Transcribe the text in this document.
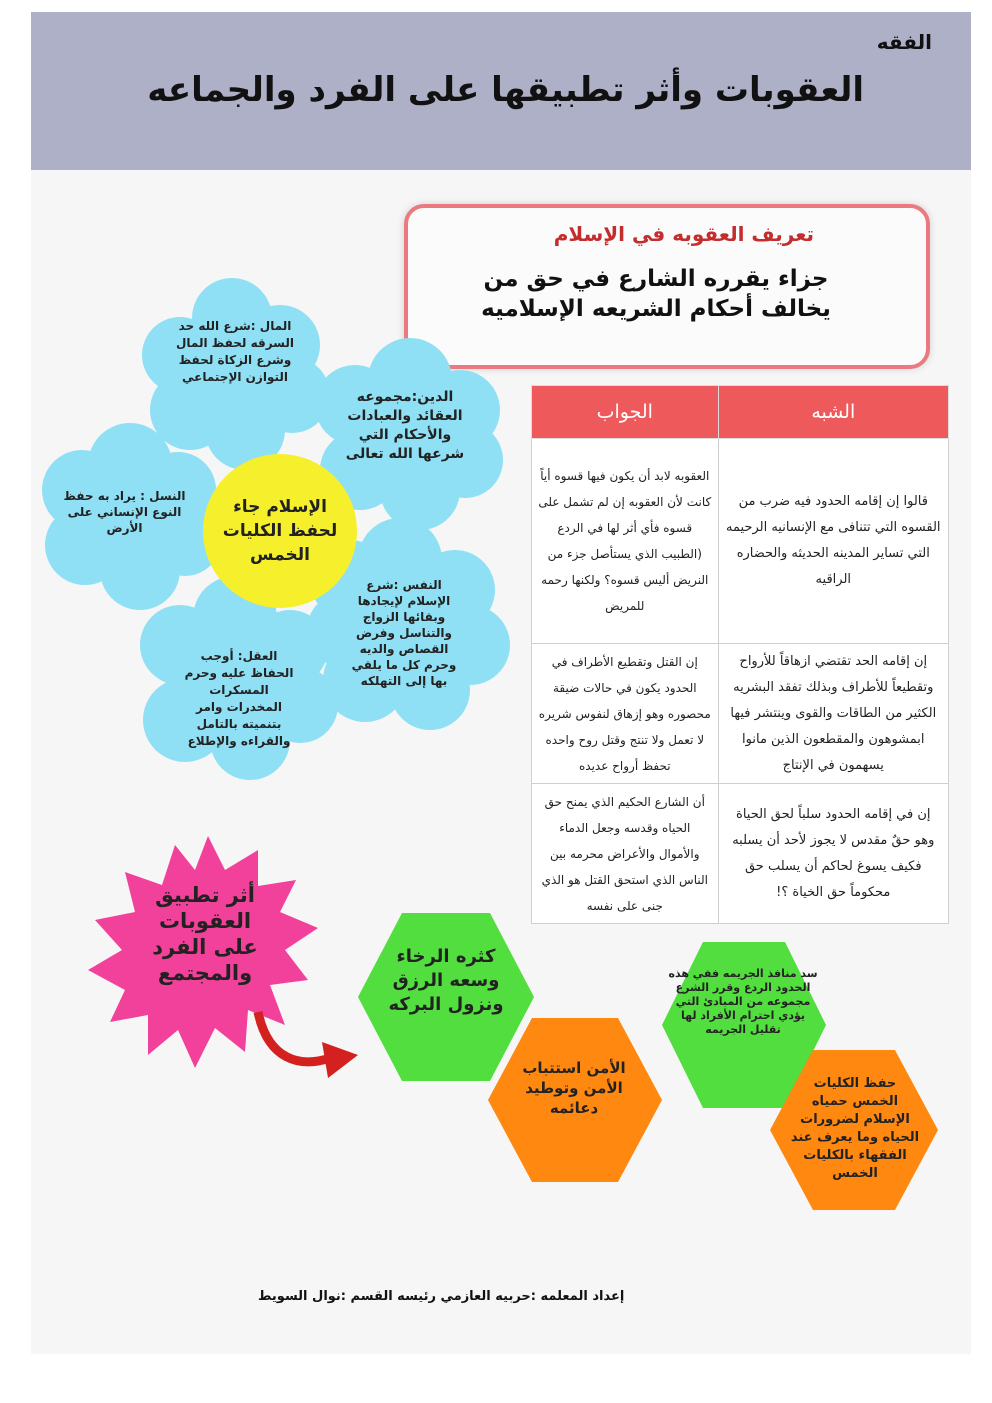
الفقه
العقوبات وأثر تطبيقها على الفرد والجماعه
تعريف العقوبه في الإسلام
جزاء يقرره الشارع في حق من يخالف أحكام الشريعه الإسلاميه
الشبه	الجواب
قالوا إن إقامه الحدود فيه ضرب من القسوه التي تتنافى مع الإنسانيه الرحيمه التي تساير المدينه الحديثه والحضاره الراقيه	العقوبه لابد أن يكون فيها قسوه أياً كانت لأن العقوبه إن لم تشمل على قسوه فأي أثر لها في الردع (الطبيب الذي يستأصل جزء من النريض أليس قسوه؟ ولكنها رحمه للمريض
إن إقامه الحد تقتضي ازهاقاً للأرواح وتقطيعاً للأطراف وبذلك تفقد البشريه الكثير من الطاقات والقوى وينتشر فيها ابمشوهون والمقطعون الذين مانوا يسهمون في الإنتاج	إن القتل وتقطيع الأطراف في الحدود يكون في حالات ضيقة محصوره وهو إزهاق لنفوس شريره لا تعمل ولا تنتج وقتل روح واحده تحفظ أرواح عديده
إن في إقامه الحدود سلباً لحق الحياة وهو حقٌ مقدس لا يجوز لأحد أن يسلبه فكيف يسوغ لحاكم أن يسلب حق محكوماً حق الخياة ؟!	أن الشارع الحكيم الذي يمنح حق الحياه وقدسه وجعل الدماء والأموال والأعراض محرمه بين الناس الذي استحق القتل هو الذي جنى على نفسه
الإسلام جاء لحفظ الكليات الخمس
المال :شرع الله حد السرقه لحفظ المال وشرع الزكاة لحفظ التوازن الإجتماعي
الدين:مجموعه العقائد والعبادات والأحكام التي شرعها الله تعالى
النسل : يراد به حفظ النوع الإنساني على الأرض
النفس :شرع الإسلام لإيجادها وبقائها الزواج والتناسل وفرض القصاص والديه وحرم كل ما يلقي بها إلى التهلكه
العقل: أوجب الحفاظ عليه وحرم المسكرات المخدرات وامر بتنميته بالتامل والقراءه والإطلاع
أثر تطبيق العقوبات على الفرد والمجتمع
كثره الرخاء وسعه الرزق ونزول البركه
الأمن استتباب الأمن وتوطيد دعائمه
سد منافذ الجريمه ففي هذه الحدود الردع وقرر الشرع مجموعه من المبادئ التي يؤدي احترام الأفراد لها تقليل الجريمه
حفظ الكليات الخمس حمياه الإسلام لضرورات الحياه وما يعرف عند الفقهاء بالكليات الخمس
إعداد المعلمه :حربيه العازمي رئيسه القسم :نوال السويط
